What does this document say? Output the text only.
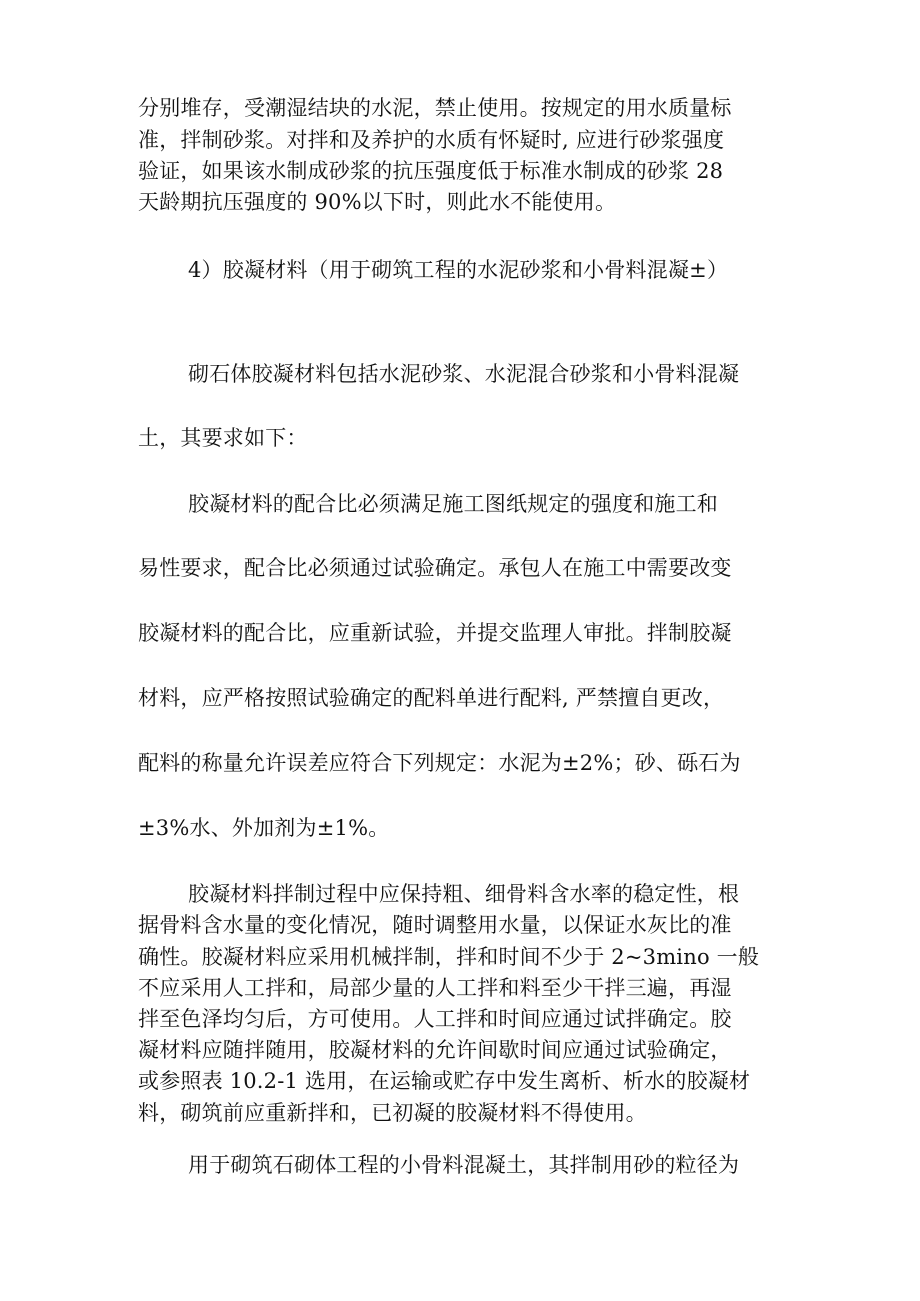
分别堆存，受潮湿结块的水泥，禁止使用。按规定的用水质量标
准，拌制砂浆。对拌和及养护的水质有怀疑时, 应进行砂浆强度
验证，如果该水制成砂浆的抗压强度低于标准水制成的砂浆 28
天龄期抗压强度的 90%以下时，则此水不能使用。
4）胶凝材料（用于砌筑工程的水泥砂浆和小骨料混凝±）
砌石体胶凝材料包括水泥砂浆、水泥混合砂浆和小骨料混凝
土，其要求如下：
胶凝材料的配合比必须满足施工图纸规定的强度和施工和
易性要求，配合比必须通过试验确定。承包人在施工中需要改变
胶凝材料的配合比，应重新试验，并提交监理人审批。拌制胶凝
材料，应严格按照试验确定的配料单进行配料, 严禁擅自更改，
配料的称量允许误差应符合下列规定：水泥为±2%；砂、砾石为
±3%水、外加剂为±1%。
胶凝材料拌制过程中应保持粗、细骨料含水率的稳定性，根
据骨料含水量的变化情况，随时调整用水量，以保证水灰比的准
确性。胶凝材料应采用机械拌制，拌和时间不少于 2~3mino 一般
不应采用人工拌和，局部少量的人工拌和料至少干拌三遍，再湿
拌至色泽均匀后，方可使用。人工拌和时间应通过试拌确定。胶
凝材料应随拌随用，胶凝材料的允许间歇时间应通过试验确定，
或参照表 10.2-1 选用，在运输或贮存中发生离析、析水的胶凝材
料，砌筑前应重新拌和，已初凝的胶凝材料不得使用。
用于砌筑石砌体工程的小骨料混凝土，其拌制用砂的粒径为
